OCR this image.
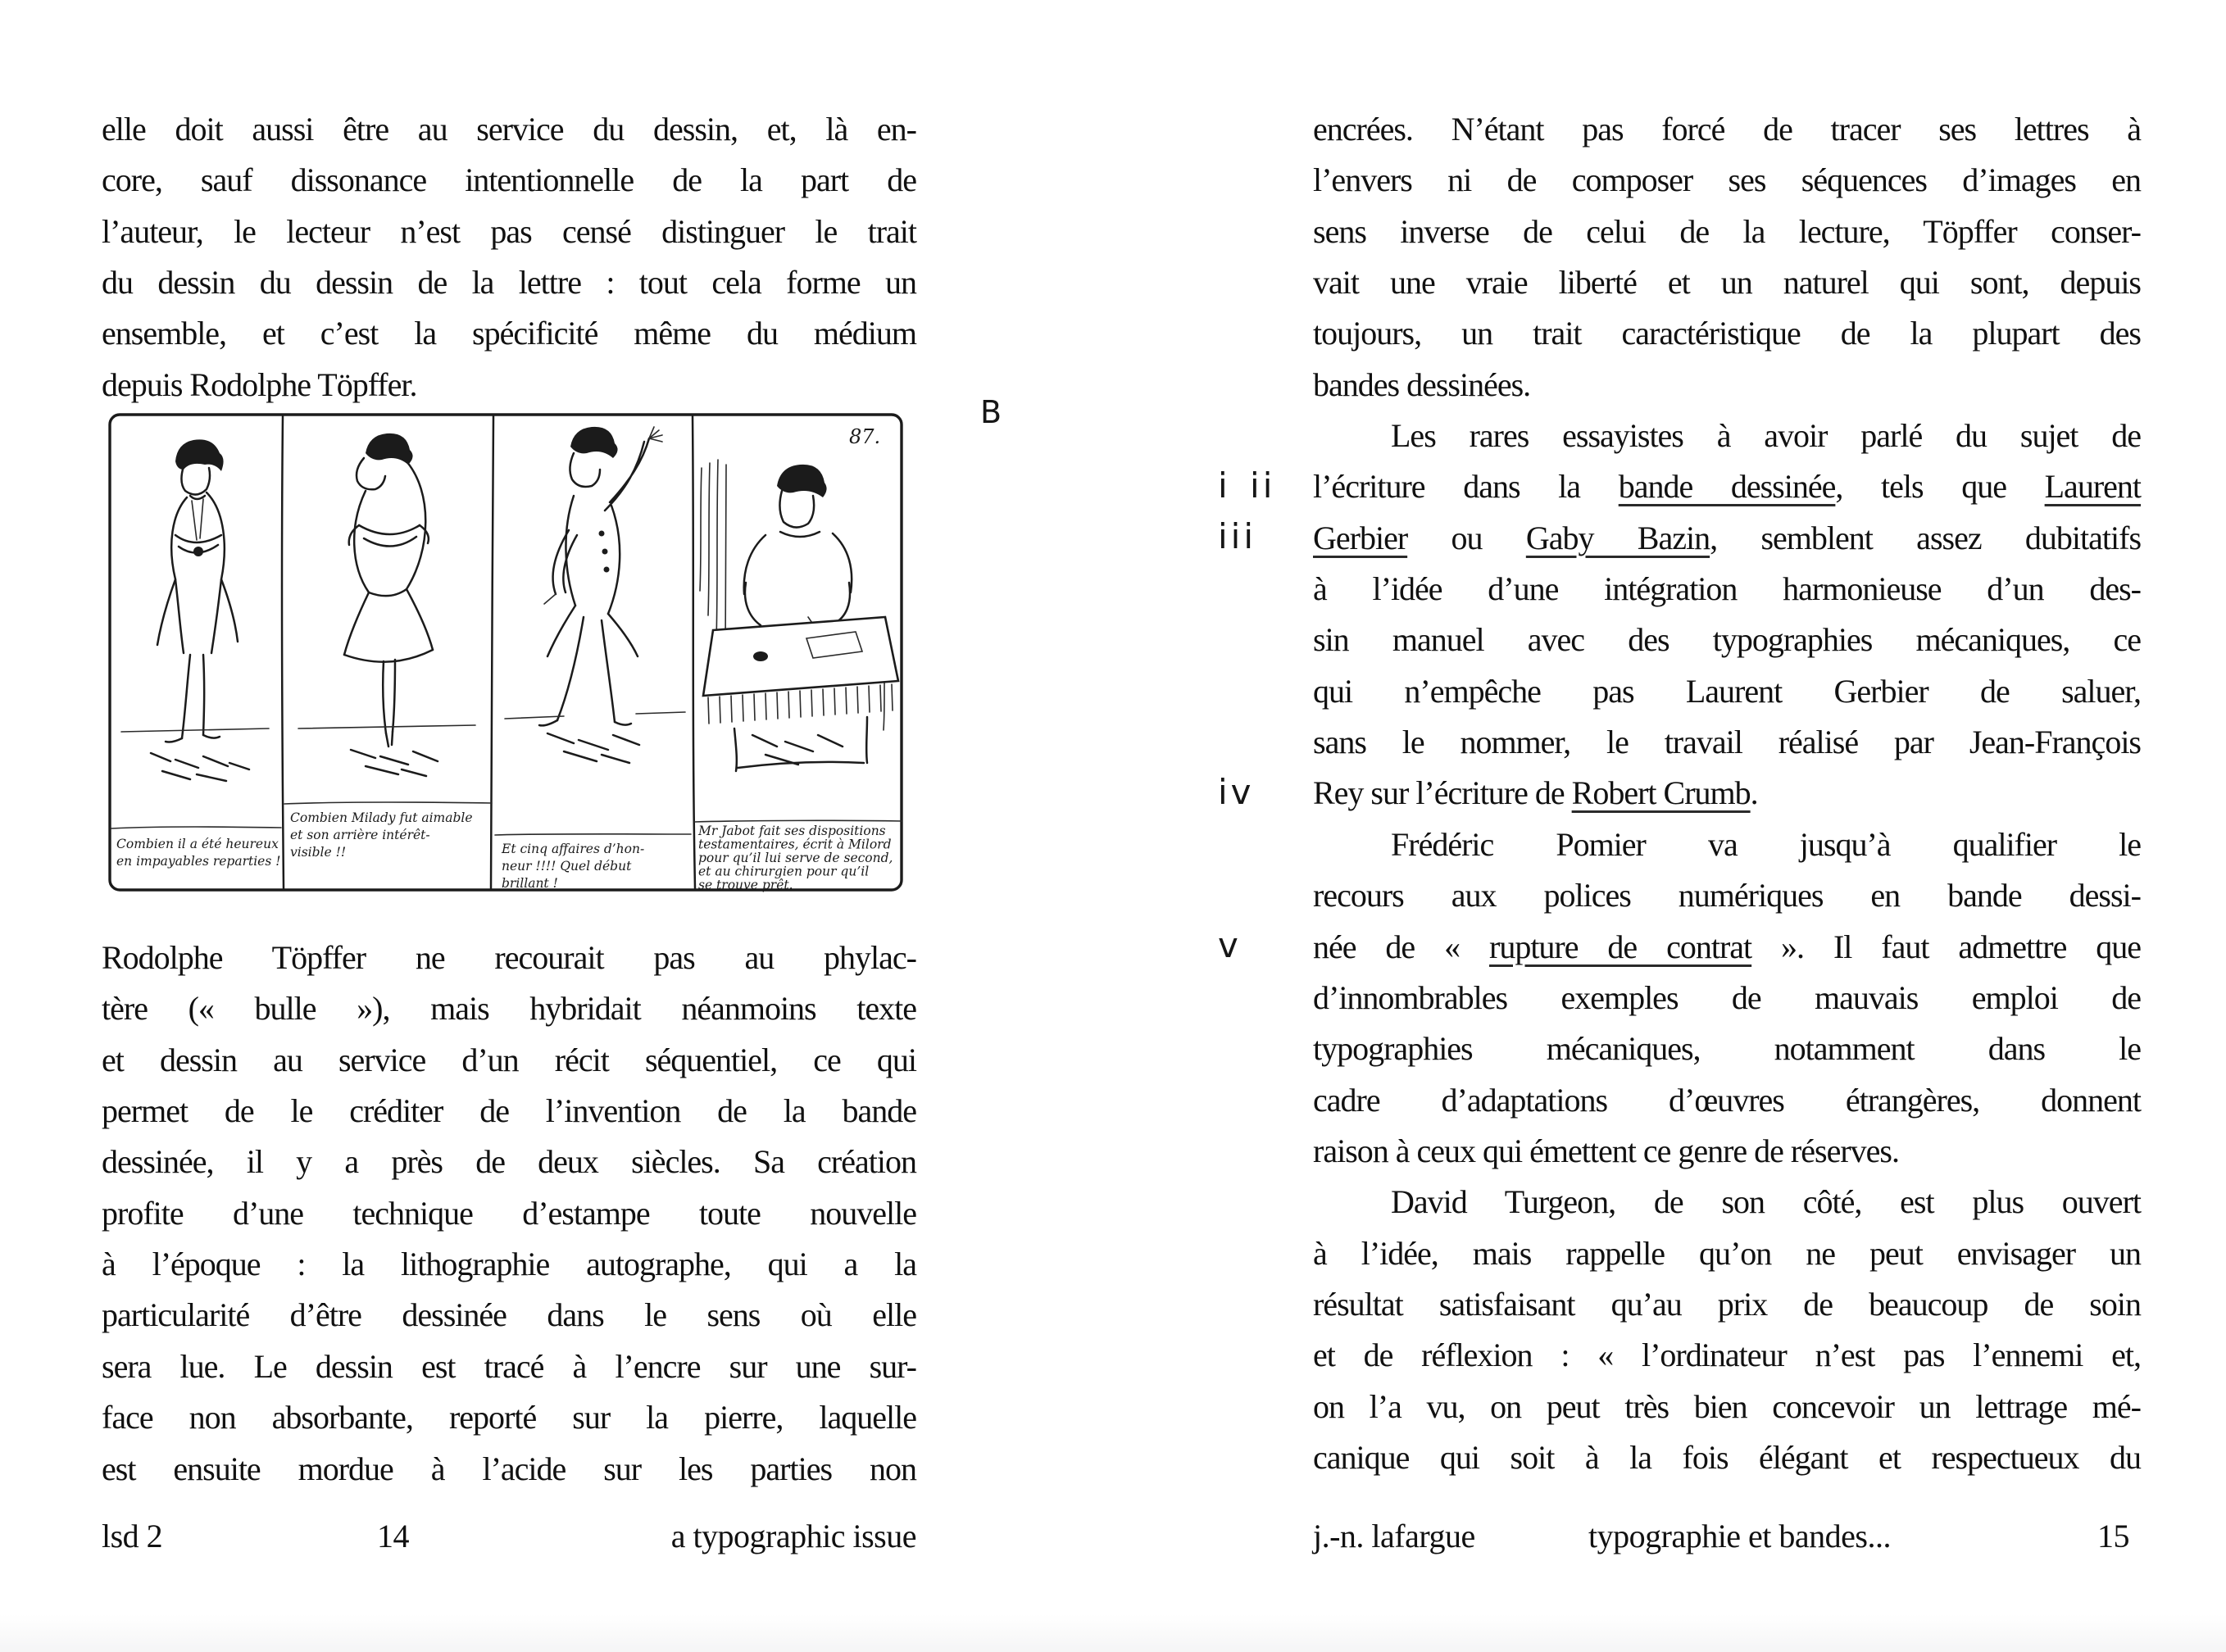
elle doit aussi être au service du dessin, et, là en-
core, sauf dissonance intentionnelle de la part de
l’auteur, le lecteur n’est pas censé distinguer le trait
du dessin du dessin de la lettre : tout cela forme un
ensemble, et c’est la spécificité même du médium
depuis Rodolphe Töpffer.
87.
Combien il a été heureux
en impayables reparties !
Combien Milady fut aimable
et son arrière intérêt-
visible !!	Et cinq affaires d’hon-
neur !!!! Quel début
brillant !
Mr Jabot fait ses dispositions
testamentaires, écrit à Milord
pour qu’il lui serve de second,
et au chirurgien pour qu’il
se trouve prêt.
Rodolphe Töpffer ne recourait pas au phylac-
tère (« bulle »), mais hybridait néanmoins texte
et dessin au service d’un récit séquentiel, ce qui
permet de le créditer de l’invention de la bande
dessinée, il y a près de deux siècles. Sa création
profite d’une technique d’estampe toute nouvelle
à l’époque : la lithographie autographe, qui a la
particularité d’être dessinée dans le sens où elle
sera lue. Le dessin est tracé à l’encre sur une sur-
face non absorbante, reporté sur la pierre, laquelle
est ensuite mordue à l’acide sur les parties non
encrées. N’étant pas forcé de tracer ses lettres à
l’envers ni de composer ses séquences d’images en
sens inverse de celui de la lecture, Töpffer conser-
vait une vraie liberté et un naturel qui sont, depuis
toujours, un trait caractéristique de la plupart des
bandes dessinées.
Les rares essayistes à avoir parlé du sujet de
l’écriture dans la bande dessinée, tels que Laurent
Gerbier ou Gaby Bazin, semblent assez dubitatifs
à l’idée d’une intégration harmonieuse d’un des-
sin manuel avec des typographies mécaniques, ce
qui n’empêche pas Laurent Gerbier de saluer,
sans le nommer, le travail réalisé par Jean-François
Rey sur l’écriture de Robert Crumb.
Frédéric Pomier va jusqu’à qualifier le
recours aux polices numériques en bande dessi-
née de « rupture de contrat ». Il faut admettre que
d’innombrables exemples de mauvais emploi de
typographies mécaniques, notamment dans le
cadre d’adaptations d’œuvres étrangères, donnent
raison à ceux qui émettent ce genre de réserves.
David Turgeon, de son côté, est plus ouvert
à l’idée, mais rappelle qu’on ne peut envisager un
résultat satisfaisant qu’au prix de beaucoup de soin
et de réflexion : « l’ordinateur n’est pas l’ennemi et,
on l’a vu, on peut très bien concevoir un lettrage mé-
canique qui soit à la fois élégant et respectueux du
B
i ii
iii
iv
v
lsd 2	14	a typographic issue	j.-n. lafargue	typographie et bandes...	15
